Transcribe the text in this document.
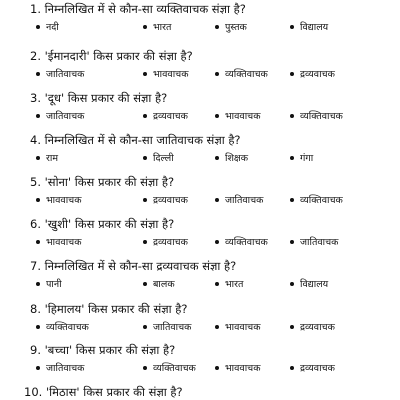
1. निम्नलिखित में से कौन-सा व्यक्तिवाचक संज्ञा है?
नदी	भारत	पुस्तक	विद्यालय
2. 'ईमानदारी' किस प्रकार की संज्ञा है?
जातिवाचक	भाववाचक	व्यक्तिवाचक	द्रव्यवाचक
3. 'दूध' किस प्रकार की संज्ञा है?
जातिवाचक	द्रव्यवाचक	भाववाचक	व्यक्तिवाचक
4. निम्नलिखित में से कौन-सा जातिवाचक संज्ञा है?
राम	दिल्ली	शिक्षक	गंगा
5. 'सोना' किस प्रकार की संज्ञा है?
भाववाचक	द्रव्यवाचक	जातिवाचक	व्यक्तिवाचक
6. 'खुशी' किस प्रकार की संज्ञा है?
भाववाचक	द्रव्यवाचक	व्यक्तिवाचक	जातिवाचक
7. निम्नलिखित में से कौन-सा द्रव्यवाचक संज्ञा है?
पानी	बालक	भारत	विद्यालय
8. 'हिमालय' किस प्रकार की संज्ञा है?
व्यक्तिवाचक	जातिवाचक	भाववाचक	द्रव्यवाचक
9. 'बच्चा' किस प्रकार की संज्ञा है?
जातिवाचक	व्यक्तिवाचक	भाववाचक	द्रव्यवाचक
10. 'मिठास' किस प्रकार की संज्ञा है?
